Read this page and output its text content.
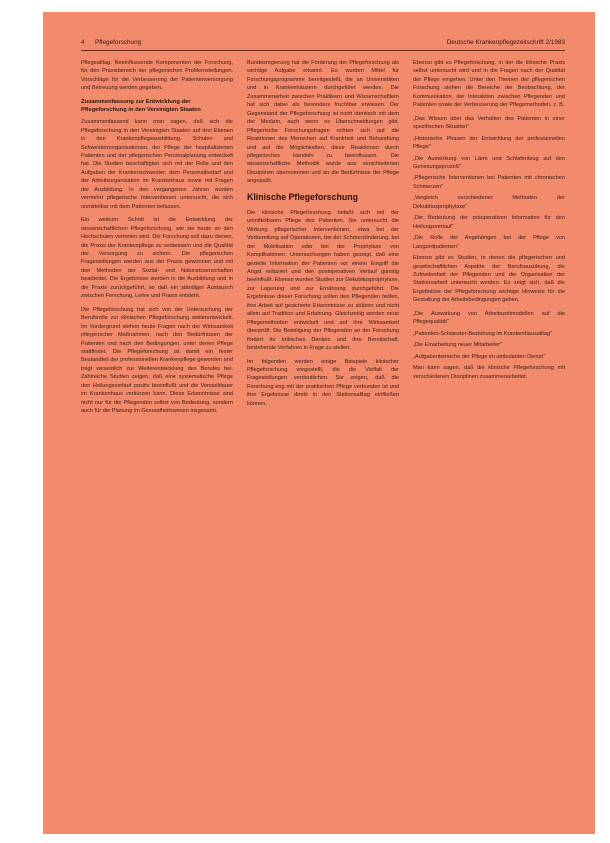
4 Pflegeforschung	Deutsche Krankenpflegezeitschrift 2/1983

Pflegealltag. Beeinflussende Komponenten der Forschung, für den Praxisbereich der pflegerischen Problemstellungen. Vorschläge für die Verbesserung der Patientenversorgung und Betreuung werden gegeben.

Zusammenfassung zur Entwicklung der Pflegeforschung in den Vereinigten Staaten

Zusammenfassend kann man sagen, daß sich die Pflegeforschung in den Vereinigten Staaten auf drei Ebenen in den Krankenpflegeausbildung, Schulen und Schwesternorganisationen, der Pflege der hospitalisierten Patienten und der pflegerischen Personalplanung entwickelt hat. Die Studien beschäftigten sich mit der Rolle und den Aufgaben der Krankenschwester, dem Personalbedarf und der Arbeitsorganisation im Krankenhaus sowie mit Fragen der Ausbildung. In den vergangenen Jahren wurden vermehrt pflegerische Interventionen untersucht, die sich unmittelbar mit dem Patienten befassen.

Ein weiterer Schritt ist die Entwicklung der wissenschaftlichen Pflegeforschung, wie sie heute an den Hochschulen vertreten wird. Die Forschung soll dazu dienen, die Praxis der Krankenpflege zu verbessern und die Qualität der Versorgung zu sichern. Die pflegerischen Fragestellungen werden aus der Praxis gewonnen und mit den Methoden der Sozial- und Naturwissenschaften bearbeitet. Die Ergebnisse werden in die Ausbildung und in die Praxis zurückgeführt, so daß ein ständiger Austausch zwischen Forschung, Lehre und Praxis entsteht.

Die Pflegeforschung hat sich von der Untersuchung der Berufsrolle zur klinischen Pflegeforschung weiterentwickelt. Im Vordergrund stehen heute Fragen nach der Wirksamkeit pflegerischer Maßnahmen, nach den Bedürfnissen der Patienten und nach den Bedingungen, unter denen Pflege stattfindet. Die Pflegeforschung ist damit ein fester Bestandteil der professionellen Krankenpflege geworden und trägt wesentlich zur Weiterentwicklung des Berufes bei. Zahlreiche Studien zeigen, daß eine systematische Pflege den Heilungsverlauf positiv beeinflußt und die Verweildauer im Krankenhaus verkürzen kann. Diese Erkenntnisse sind nicht nur für die Pflegenden selbst von Bedeutung, sondern auch für die Planung im Gesundheitswesen insgesamt.

Bundesregierung hat die Förderung der Pflegeforschung als wichtige Aufgabe erkannt. Es wurden Mittel für Forschungsprogramme bereitgestellt, die an Universitäten und in Krankenhäusern durchgeführt werden. Die Zusammenarbeit zwischen Praktikern und Wissenschaftlern hat sich dabei als besonders fruchtbar erwiesen. Der Gegenstand der Pflegeforschung ist nicht identisch mit dem der Medizin, auch wenn es Überschneidungen gibt. Pflegerische Forschungsfragen richten sich auf die Reaktionen des Menschen auf Krankheit und Behandlung und auf die Möglichkeiten, diese Reaktionen durch pflegerisches Handeln zu beeinflussen. Die wissenschaftliche Methodik wurde aus verschiedenen Disziplinen übernommen und an die Bedürfnisse der Pflege angepaßt.

Klinische Pflegeforschung

Die klinische Pflegeforschung befaßt sich mit der unmittelbaren Pflege des Patienten. Sie untersucht die Wirkung pflegerischer Interventionen, etwa bei der Vorbereitung auf Operationen, bei der Schmerzlinderung, bei der Mobilisation oder bei der Prophylaxe von Komplikationen. Untersuchungen haben gezeigt, daß eine gezielte Information der Patienten vor einem Eingriff die Angst reduziert und den postoperativen Verlauf günstig beeinflußt. Ebenso wurden Studien zur Dekubitusprophylaxe, zur Lagerung und zur Ernährung durchgeführt. Die Ergebnisse dieser Forschung sollen den Pflegenden helfen, ihre Arbeit auf gesicherte Erkenntnisse zu stützen und nicht allein auf Tradition und Erfahrung. Gleichzeitig werden neue Pflegemethoden entwickelt und auf ihre Wirksamkeit überprüft. Die Beteiligung der Pflegenden an der Forschung fördert ihr kritisches Denken und ihre Bereitschaft, bestehende Verfahren in Frage zu stellen.

Im folgenden werden einige Beispiele klinischer Pflegeforschung vorgestellt, die die Vielfalt der Fragestellungen verdeutlichen. Sie zeigen, daß die Forschung eng mit der praktischen Pflege verbunden ist und ihre Ergebnisse direkt in den Stationsalltag einfließen können.

Ebenso gibt es Pflegeforschung, in der die klinische Praxis selbst untersucht wird und in die Fragen nach der Qualität der Pflege eingehen. Unter den Themen der pflegerischen Forschung stehen die Bereiche der Beobachtung, der Kommunikation, der Interaktion zwischen Pflegenden und Patienten sowie der Verbesserung der Pflegemethoden, z. B.

„Das Wissen über das Verhalten des Patienten in einer spezifischen Situation"

„Historische Phasen der Entwicklung der professionellen Pflege"

„Die Auswirkung von Lärm und Schlafentzug auf den Genesungsprozeß"

„Pflegerische Interventionen bei Patienten mit chronischen Schmerzen"

„Vergleich verschiedener Methoden der Dekubitusprophylaxe"

„Die Bedeutung der präoperativen Information für den Heilungsverlauf"

„Die Rolle der Angehörigen bei der Pflege von Langzeitpatienten"

Ebenso gibt es Studien, in denen die pflegerischen und gesellschaftlichen Aspekte der Berufsausübung, die Zufriedenheit der Pflegenden und die Organisation der Stationsarbeit untersucht werden. Es zeigt sich, daß die Ergebnisse der Pflegeforschung wichtige Hinweise für die Gestaltung der Arbeitsbedingungen geben.

„Die Auswirkung von Arbeitszeitmodellen auf die Pflegequalität"

„Patienten-Schwester-Beziehung im Krankenhausalltag"

„Die Einarbeitung neuer Mitarbeiter"

„Aufgabenbereiche der Pflege im ambulanten Dienst"

Man kann sagen, daß die klinische Pflegeforschung mit verschiedenen Disziplinen zusammenarbeitet.
